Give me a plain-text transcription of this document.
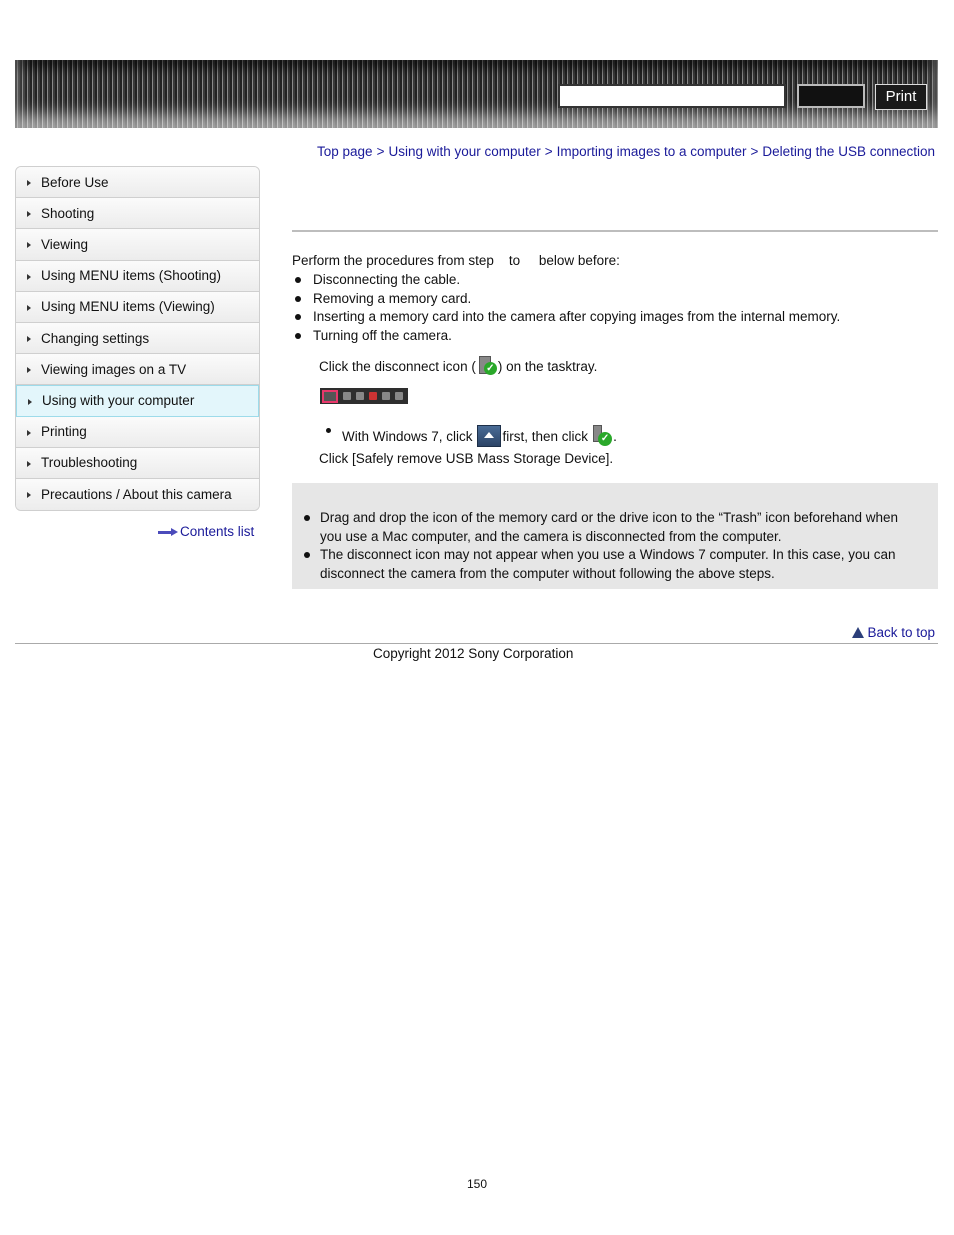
Print
Top page > Using with your computer > Importing images to a computer > Deleting the USB connection
Before Use
Shooting
Viewing
Using MENU items (Shooting)
Using MENU items (Viewing)
Changing settings
Viewing images on a TV
Using with your computer
Printing
Troubleshooting
Precautions / About this camera
Contents list
Perform the procedures from step    to     below before:
Disconnecting the cable.
Removing a memory card.
Inserting a memory card into the camera after copying images from the internal memory.
Turning off the camera.
Click the disconnect icon ( ✓ ) on the tasktray.
With Windows 7, click first, then click ✓ .
Click [Safely remove USB Mass Storage Device].
Drag and drop the icon of the memory card or the drive icon to the “Trash” icon beforehand when you use a Mac computer, and the camera is disconnected from the computer.
The disconnect icon may not appear when you use a Windows 7 computer. In this case, you can disconnect the camera from the computer without following the above steps.
Back to top
Copyright 2012 Sony Corporation
150
